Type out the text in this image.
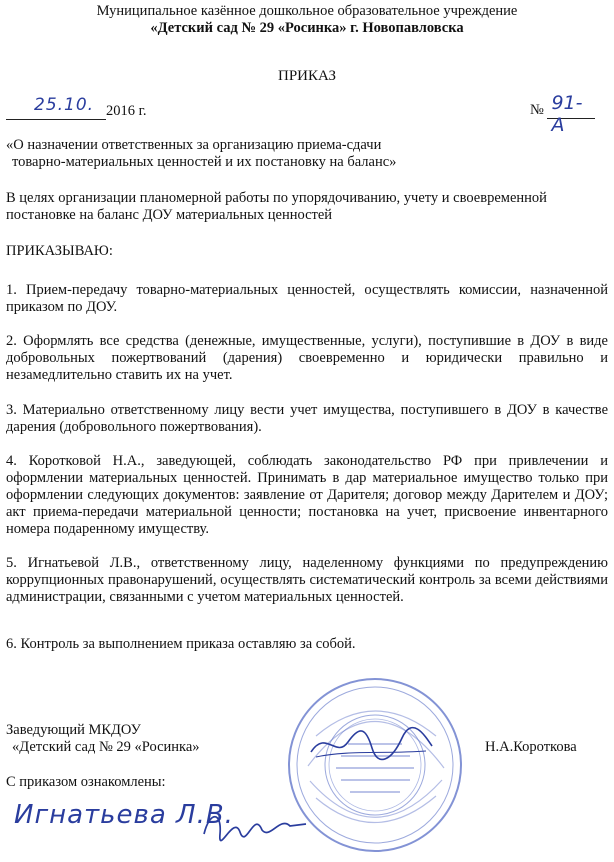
Муниципальное казённое дошкольное образовательное учреждение
«Детский сад № 29 «Росинка» г. Новопавловска
ПРИКАЗ
25.10. 2016 г.	№ 91-А
«О назначении ответственных за организацию приема-сдачи
товарно-материальных ценностей и их постановку на баланс»
В целях организации планомерной работы по упорядочиванию, учету и своевременной постановке на баланс ДОУ материальных ценностей
ПРИКАЗЫВАЮ:
1. Прием-передачу товарно-материальных ценностей, осуществлять комиссии, назначенной приказом по ДОУ.
2. Оформлять все средства (денежные, имущественные, услуги), поступившие в ДОУ в виде добровольных пожертвований (дарения) своевременно и юридически правильно и незамедлительно ставить их на учет.
3. Материально ответственному лицу вести учет имущества, поступившего в ДОУ в качестве дарения (добровольного пожертвования).
4. Коротковой Н.А., заведующей, соблюдать законодательство РФ при привлечении и оформлении материальных ценностей. Принимать в дар материальное имущество только при оформлении следующих документов: заявление от Дарителя; договор между Дарителем и ДОУ; акт приема-передачи материальной ценности; постановка на учет, присвоение инвентарного номера подаренному имуществу.
5. Игнатьевой Л.В., ответственному лицу, наделенному функциями по предупреждению коррупционных правонарушений, осуществлять систематический контроль за всеми действиями администрации, связанными с учетом материальных ценностей.
6. Контроль за выполнением приказа оставляю за собой.
Заведующий МКДОУ
«Детский сад № 29 «Росинка»	Н.А.Короткова
С приказом ознакомлены:
Игнатьева Л.В.
